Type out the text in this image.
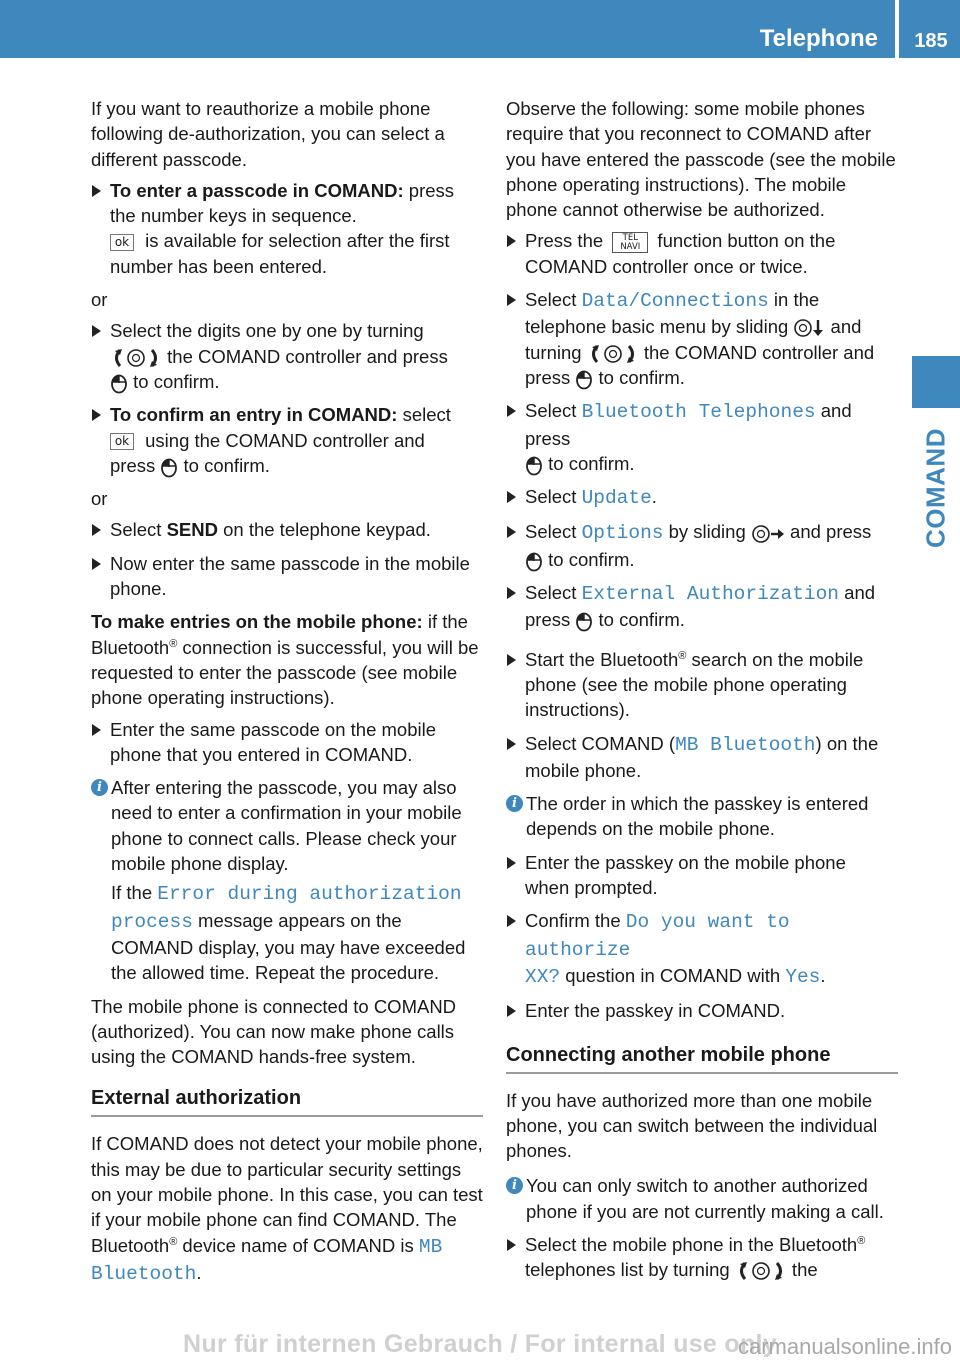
Telephone	185
COMAND

If you want to reauthorize a mobile phone following de-authorization, you can select a different passcode.

To enter a passcode in COMAND: press
the number keys in sequence.
ok is available for selection after the first
number has been entered.

or

Select the digits one by one by turning
the COMAND controller and press
to confirm.
To confirm an entry in COMAND: select
ok using the COMAND controller and
press
to confirm.

or

Select SEND on the telephone keypad.
Now enter the same passcode in the mobile
phone.

To make entries on the mobile phone: if the Bluetooth® connection is successful, you will be requested to enter the passcode (see mobile phone operating instructions).

Enter the same passcode on the mobile
phone that you entered in COMAND.
i After entering the passcode, you may also
need to enter a confirmation in your mobile
phone to connect calls. Please check your
mobile phone display.
If the Error during authorization
process message appears on the
COMAND display, you may have exceeded
the allowed time. Repeat the procedure.

The mobile phone is connected to COMAND (authorized). You can now make phone calls using the COMAND hands-free system.

External authorization

If COMAND does not detect your mobile phone, this may be due to particular security settings on your mobile phone. In this case, you can test if your mobile phone can find COMAND. The Bluetooth® device name of COMAND is MB Bluetooth.

Observe the following: some mobile phones require that you reconnect to COMAND after you have entered the passcode (see the mobile phone operating instructions). The mobile phone cannot otherwise be authorized.

Press the	TEL
NAVI function button on the
COMAND controller once or twice.
Select Data/Connections in the
telephone basic menu by sliding
and
turning	the COMAND controller and
press
to confirm.
Select Bluetooth Telephones and press
to confirm.
Select Update.
Select Options by sliding
and press
to confirm.
Select External Authorization and
press
to confirm.
Start the Bluetooth® search on the mobile
phone (see the mobile phone operating
instructions).
Select COMAND (MB Bluetooth) on the
mobile phone.
i The order in which the passkey is entered
depends on the mobile phone.
Enter the passkey on the mobile phone
when prompted.
Confirm the Do you want to authorize
XX? question in COMAND with Yes.
Enter the passkey in COMAND.
Connecting another mobile phone

If you have authorized more than one mobile phone, you can switch between the individual phones.

i You can only switch to another authorized
phone if you are not currently making a call.
Select the mobile phone in the Bluetooth®
telephones list by turning	the
Nur für internen Gebrauch / For internal use only
carmanualsonline.info
